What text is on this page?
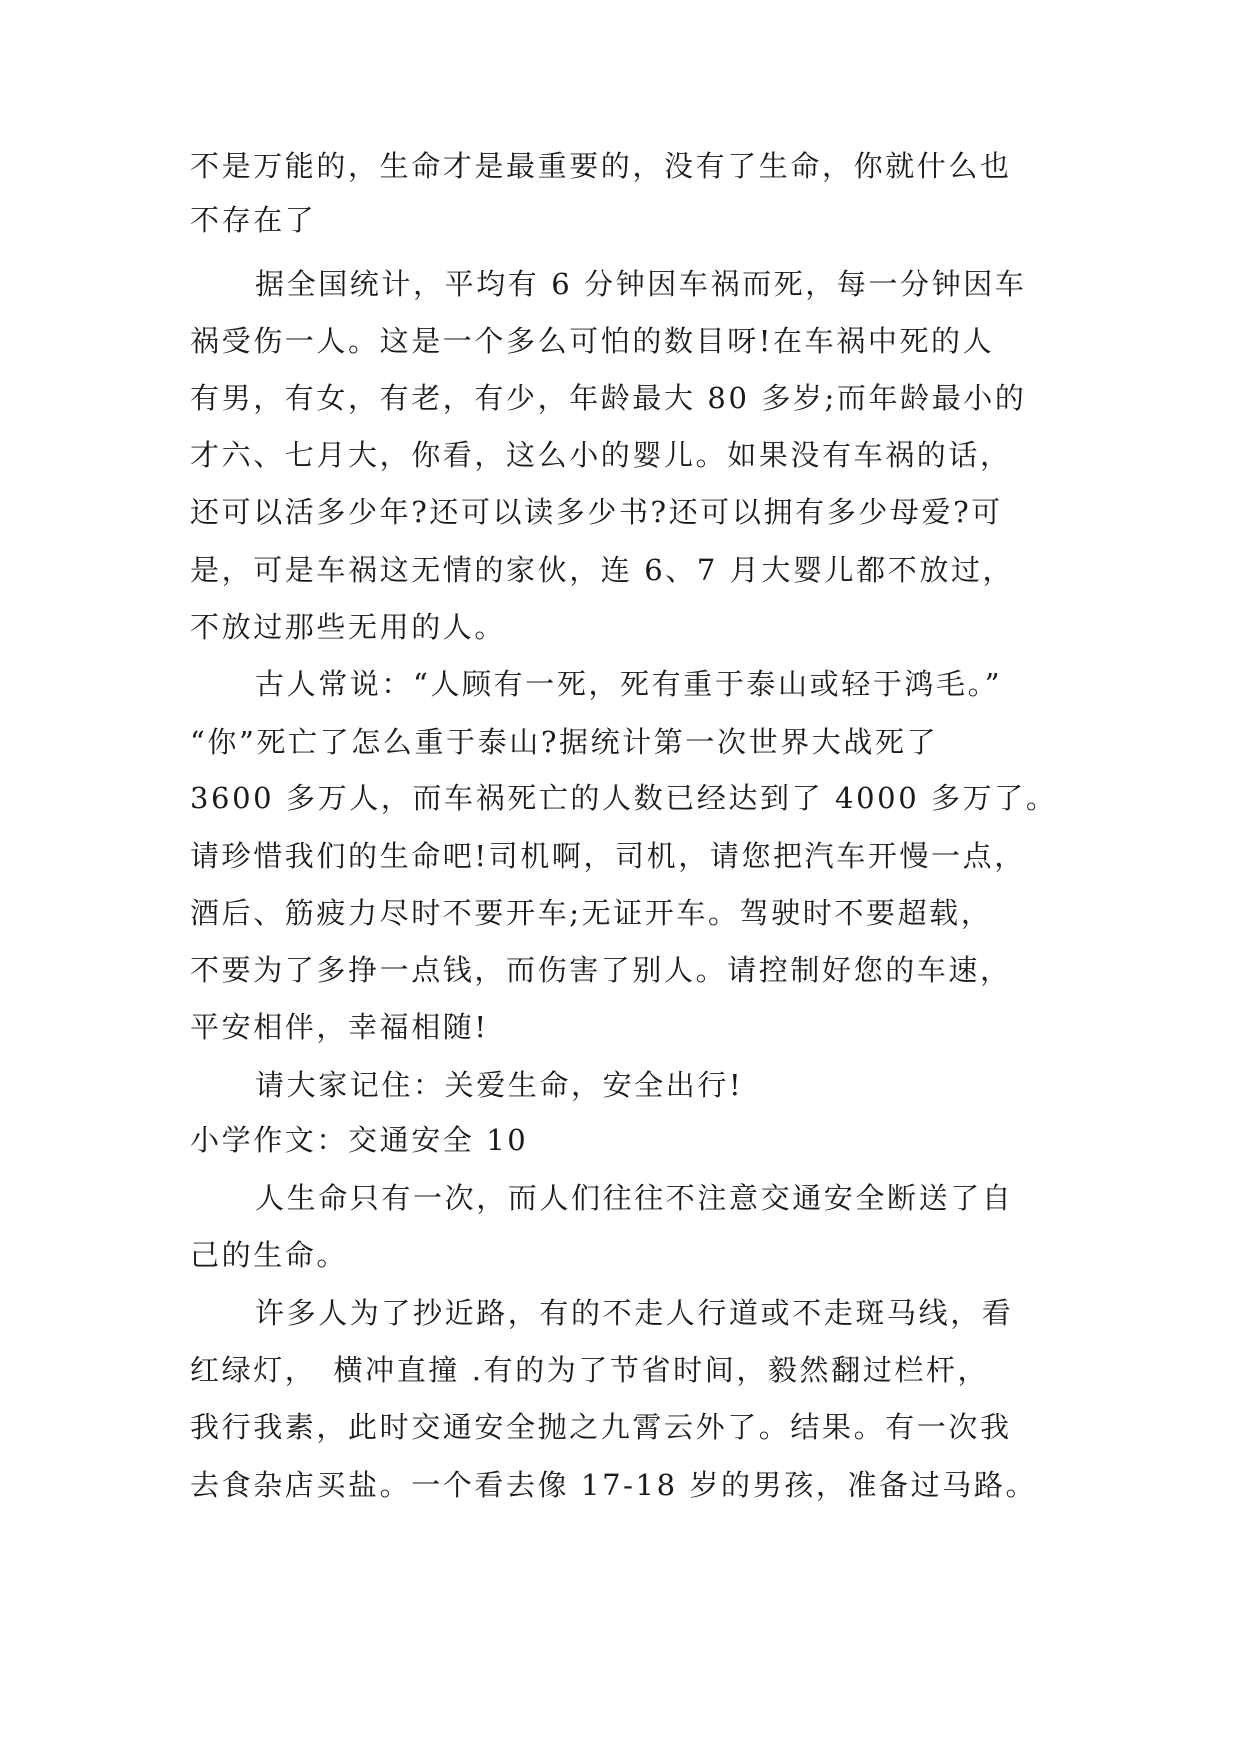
不是万能的，生命才是最重要的，没有了生命，你就什么也
不存在了
据全国统计，平均有 6 分钟因车祸而死，每一分钟因车
祸受伤一人。这是一个多么可怕的数目呀!在车祸中死的人
有男，有女，有老，有少，年龄最大 80 多岁;而年龄最小的
才六、七月大，你看，这么小的婴儿。如果没有车祸的话，
还可以活多少年?还可以读多少书?还可以拥有多少母爱?可
是，可是车祸这无情的家伙，连 6、7 月大婴儿都不放过，
不放过那些无用的人。
古人常说：“人顾有一死，死有重于泰山或轻于鸿毛。”
“你”死亡了怎么重于泰山?据统计第一次世界大战死了
3600 多万人，而车祸死亡的人数已经达到了 4000 多万了。
请珍惜我们的生命吧!司机啊，司机，请您把汽车开慢一点，
酒后、筋疲力尽时不要开车;无证开车。驾驶时不要超载，
不要为了多挣一点钱，而伤害了别人。请控制好您的车速，
平安相伴，幸福相随!
请大家记住：关爱生命，安全出行!
小学作文：交通安全 10
人生命只有一次，而人们往往不注意交通安全断送了自
己的生命。
许多人为了抄近路，有的不走人行道或不走斑马线，看
红绿灯，　横冲直撞 .有的为了节省时间，毅然翻过栏杆，
我行我素，此时交通安全抛之九霄云外了。结果。有一次我
去食杂店买盐。一个看去像 17-18 岁的男孩，准备过马路。
